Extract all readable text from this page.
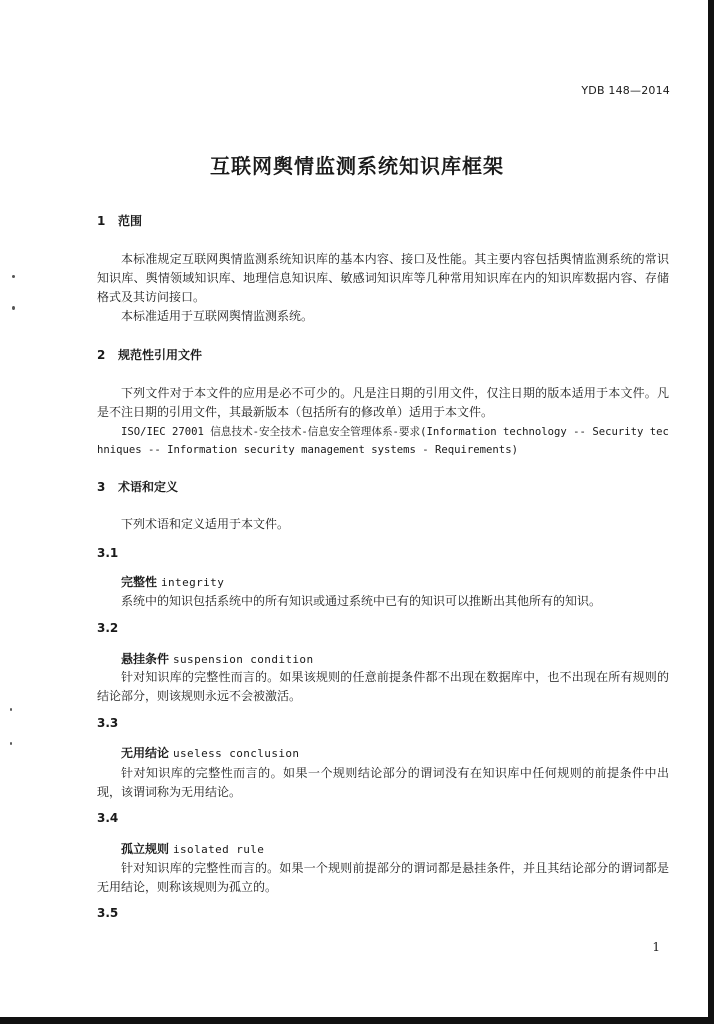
YDB 148—2014
互联网舆情监测系统知识库框架
1 范围
本标准规定互联网舆情监测系统知识库的基本内容、接口及性能。其主要内容包括舆情监测系统的常识知识库、舆情领域知识库、地理信息知识库、敏感词知识库等几种常用知识库在内的知识库数据内容、存储格式及其访问接口。
本标准适用于互联网舆情监测系统。
2 规范性引用文件
下列文件对于本文件的应用是必不可少的。凡是注日期的引用文件，仅注日期的版本适用于本文件。凡是不注日期的引用文件，其最新版本（包括所有的修改单）适用于本文件。
ISO/IEC 27001 信息技术-安全技术-信息安全管理体系-要求(Information technology -- Security techniques -- Information security management systems - Requirements)
3 术语和定义
下列术语和定义适用于本文件。
3.1
完整性 integrity
系统中的知识包括系统中的所有知识或通过系统中已有的知识可以推断出其他所有的知识。
3.2
悬挂条件 suspension condition
针对知识库的完整性而言的。如果该规则的任意前提条件都不出现在数据库中，也不出现在所有规则的结论部分，则该规则永远不会被激活。
3.3
无用结论 useless conclusion
针对知识库的完整性而言的。如果一个规则结论部分的谓词没有在知识库中任何规则的前提条件中出现，该谓词称为无用结论。
3.4
孤立规则 isolated rule
针对知识库的完整性而言的。如果一个规则前提部分的谓词都是悬挂条件，并且其结论部分的谓词都是无用结论，则称该规则为孤立的。
3.5
1
